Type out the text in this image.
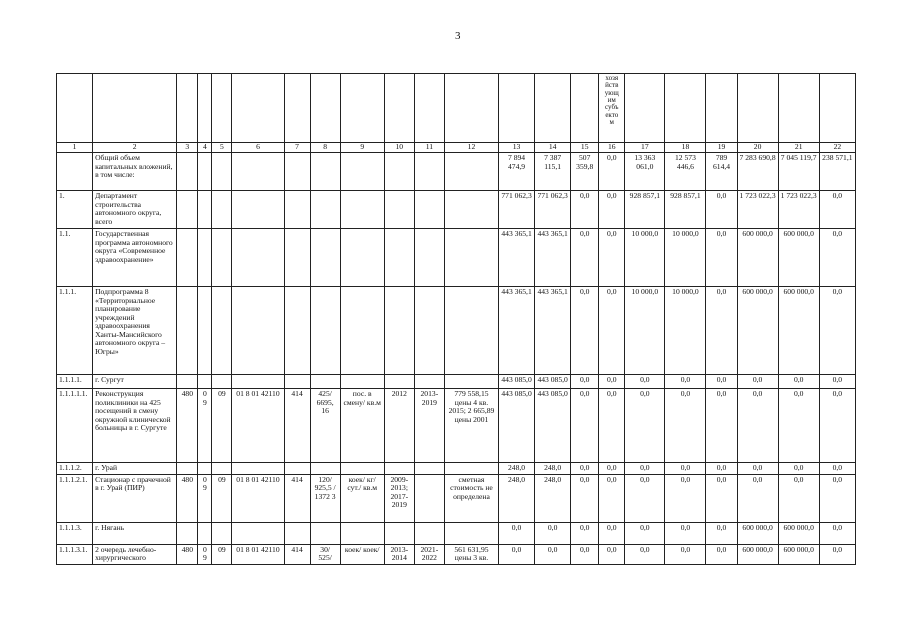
3
															хозя йств ующ им субъ екто м						
1	2	3	4	5	6	7	8	9	10	11	12	13	14	15	16	17	18	19	20	21	22
	Общий объем капитальных вложений, в том числе:											7 894 474,9	7 387 115,1	507 359,8	0,0	13 363 061,0	12 573 446,6	789 614,4	7 283 690,8	7 045 119,7	238 571,1
1.	Департамент строительства автономного округа, всего											771 062,3	771 062,3	0,0	0,0	928 857,1	928 857,1	0,0	1 723 022,3	1 723 022,3	0,0
1.1.	Государственная программа автономного округа «Современное здравоохранение»											443 365,1	443 365,1	0,0	0,0	10 000,0	10 000,0	0,0	600 000,0	600 000,0	0,0
1.1.1.	Подпрограмма 8 «Территориальное планирование учреждений здравоохранения Ханты-Мансийского автономного округа – Югры»											443 365,1	443 365,1	0,0	0,0	10 000,0	10 000,0	0,0	600 000,0	600 000,0	0,0
1.1.1.1.	г. Сургут											443 085,0	443 085,0	0,0	0,0	0,0	0,0	0,0	0,0	0,0	0,0
1.1.1.1.1.	Реконструкция поликлиники на 425 посещений в смену окружной клинической больницы в г. Сургуте	480	0 9	09	01 8 01 42110	414	425/ 6695, 16	пос. в смену/ кв.м	2012	2013-2019	779 558,15 цены 4 кв. 2015; 2 665,89 цены 2001	443 085,0	443 085,0	0,0	0,0	0,0	0,0	0,0	0,0	0,0	0,0
1.1.1.2.	г. Урай											248,0	248,0	0,0	0,0	0,0	0,0	0,0	0,0	0,0	0,0
1.1.1.2.1.	Стационар с прачечной в г. Урай (ПИР)	480	0 9	09	01 8 01 42110	414	120/ 925,5 / 1372 3	коек/ кг/ сут./ кв.м	2009-2013; 2017-2019		сметная стоимость не определена	248,0	248,0	0,0	0,0	0,0	0,0	0,0	0,0	0,0	0,0
1.1.1.3.	г. Нягань											0,0	0,0	0,0	0,0	0,0	0,0	0,0	600 000,0	600 000,0	0,0
1.1.1.3.1.	2 очередь лечебно-хирургического	480	0 9	09	01 8 01 42110	414	30/ 525/	коек/ коек/	2013-2014	2021-2022	561 631,95 цены 3 кв.	0,0	0,0	0,0	0,0	0,0	0,0	0,0	600 000,0	600 000,0	0,0
